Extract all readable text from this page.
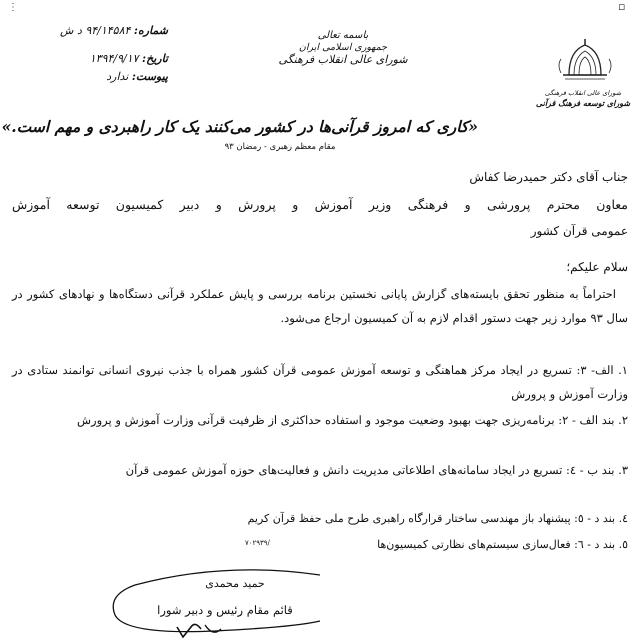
⋮	▫
شماره: ۹۴/۱۴۵۸۴ د ش
تاریخ: ۱۳۹۴/۹/۱۷
پیوست: ندارد
باسمه تعالی
جمهوری اسلامی ایران
شورای عالی انقلاب فرهنگی
شورای عالی انقلاب فرهنگی
شورای توسعه فرهنگ قرآنی
«کاری که امروز قرآنی‌ها در کشور می‌کنند یک کار راهبردی و مهم است.»
مقام معظم رهبری - رمضان ۹۳
جناب آقای دکتر حمیدرضا کفاش
معاون محترم پرورشی و فرهنگی وزیر آموزش و پرورش و دبیر کمیسیون توسعه آموزش
عمومی قرآن کشور
سلام علیکم؛
احتراماً به منظور تحقق بایسته‌های گزارش پایانی نخستین برنامه بررسی و پایش عملکرد قرآنی دستگاه‌ها و نهادهای کشور در سال ۹۳ موارد زیر جهت دستور اقدام لازم به آن کمیسیون ارجاع می‌شود.
۱. الف- ۳: تسریع در ایجاد مرکز هماهنگی و توسعه آموزش عمومی قرآن کشور همراه با جذب نیروی انسانی توانمند ستادی در وزارت آموزش و پرورش
۲. بند الف - ۲: برنامه‌ریزی جهت بهبود وضعیت موجود و استفاده حداکثری از ظرفیت قرآنی وزارت آموزش و پرورش
۳. بند ب - ٤: تسریع در ایجاد سامانه‌های اطلاعاتی مدیریت دانش و فعالیت‌های حوزه آموزش عمومی قرآن
٤. بند د - ٥: پیشنهاد باز مهندسی ساختار قرارگاه راهبری طرح ملی حفظ قرآن کریم
٥. بند د - ٦: فعال‌سازی سیستم‌های نظارتی کمیسیون‌ها
۷۰۲۹۳۹/
حمید محمدی
قائم مقام رئیس و دبیر شورا
